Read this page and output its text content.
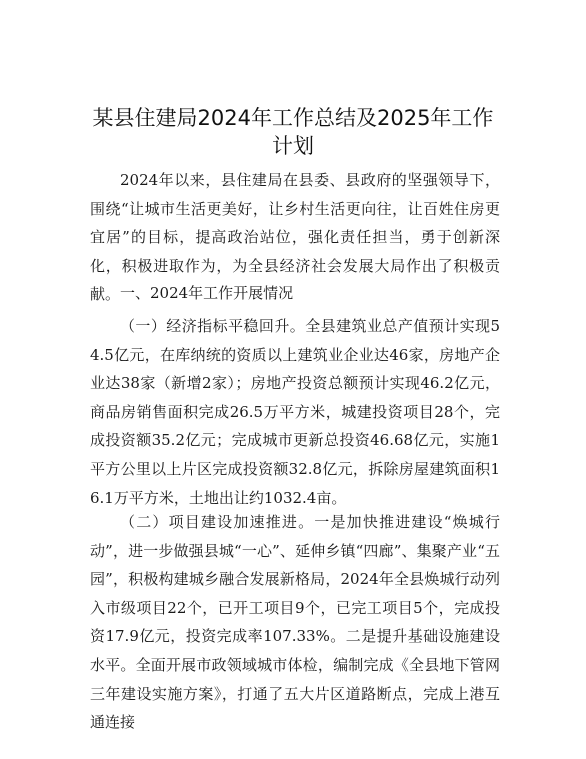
某县住建局2024年工作总结及2025年工作计划
2024年以来，县住建局在县委、县政府的坚强领导下，围绕“让城市生活更美好，让乡村生活更向往，让百姓住房更宜居”的目标，提高政治站位，强化责任担当，勇于创新深化，积极进取作为，为全县经济社会发展大局作出了积极贡献。 一、2024年工作开展情况
（一）经济指标平稳回升。全县建筑业总产值预计实现54.5亿元，在库纳统的资质以上建筑业企业达46家，房地产企业达38家（新增2家）；房地产投资总额预计实现46.2亿元，商品房销售面积完成26.5万平方米，城建投资项目28个，完成投资额35.2亿元；完成城市更新总投资46.68亿元，实施1平方公里以上片区完成投资额32.8亿元，拆除房屋建筑面积16.1万平方米，土地出让约1032.4亩。
（二）项目建设加速推进。一是加快推进建设“焕城行动”，进一步做强县城“一心”、延伸乡镇“四廊”、集聚产业“五园”，积极构建城乡融合发展新格局，2024年全县焕城行动列入市级项目22个，已开工项目9个，已完工项目5个，完成投资17.9亿元，投资完成率107.33%。二是提升基础设施建设水平。全面开展市政领域城市体检，编制完成《全县地下管网三年建设实施方案》，打通了五大片区道路断点，完成上港互通连接
